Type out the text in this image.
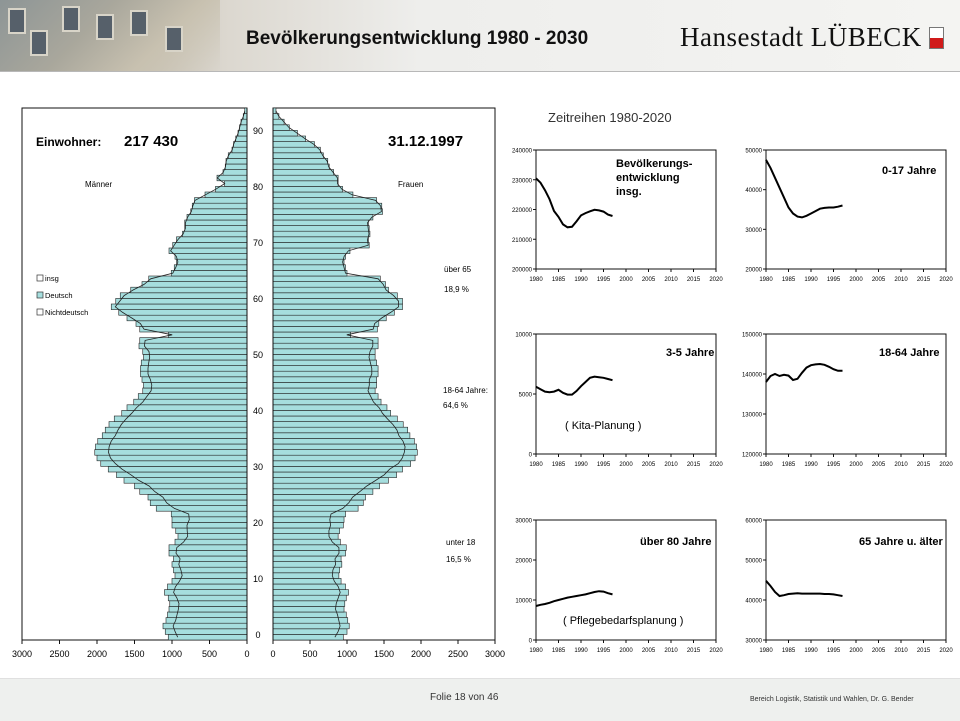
Bevölkerungsentwicklung 1980 - 2030	Hansestadt LÜBECK
Einwohner: 217 430	31.12.1997
Männer	Frauen
insg
Deutsch
Nichtdeutsch
über 65
18,9 %
18-64 Jahre:
64,6 %
unter 18
16,5 %
0
10
20
30
40
50
60
70
80
90
3000 2500 2000 1500 1000 500	0 0	500 1000 1500 2000 2500 3000
Zeitreihen 1980-2020
200000
210000
220000
230000
240000
1980 1985 1990 1995 2000 2005 2010 2015 2020
Bevölkerungs-
entwicklung
insg.
20000
30000
40000
50000
1980 1985 1990 1995 2000 2005 2010 2015 2020
0-17 Jahre
0
5000
10000
1980 1985 1990 1995 2000 2005 2010 2015 2020
3-5 Jahre
( Kita-Planung )
120000
130000
140000
150000
1980 1985 1990 1995 2000 2005 2010 2015 2020
18-64 Jahre
0
10000
20000
30000
1980 1985 1990 1995 2000 2005 2010 2015 2020
über 80 Jahre
( Pflegebedarfsplanung )
30000
40000
50000
60000
1980 1985 1990 1995 2000 2005 2010 2015 2020
65 Jahre u. älter
Folie 18 von 46	Bereich Logistik, Statistik und Wahlen, Dr. G. Bender
